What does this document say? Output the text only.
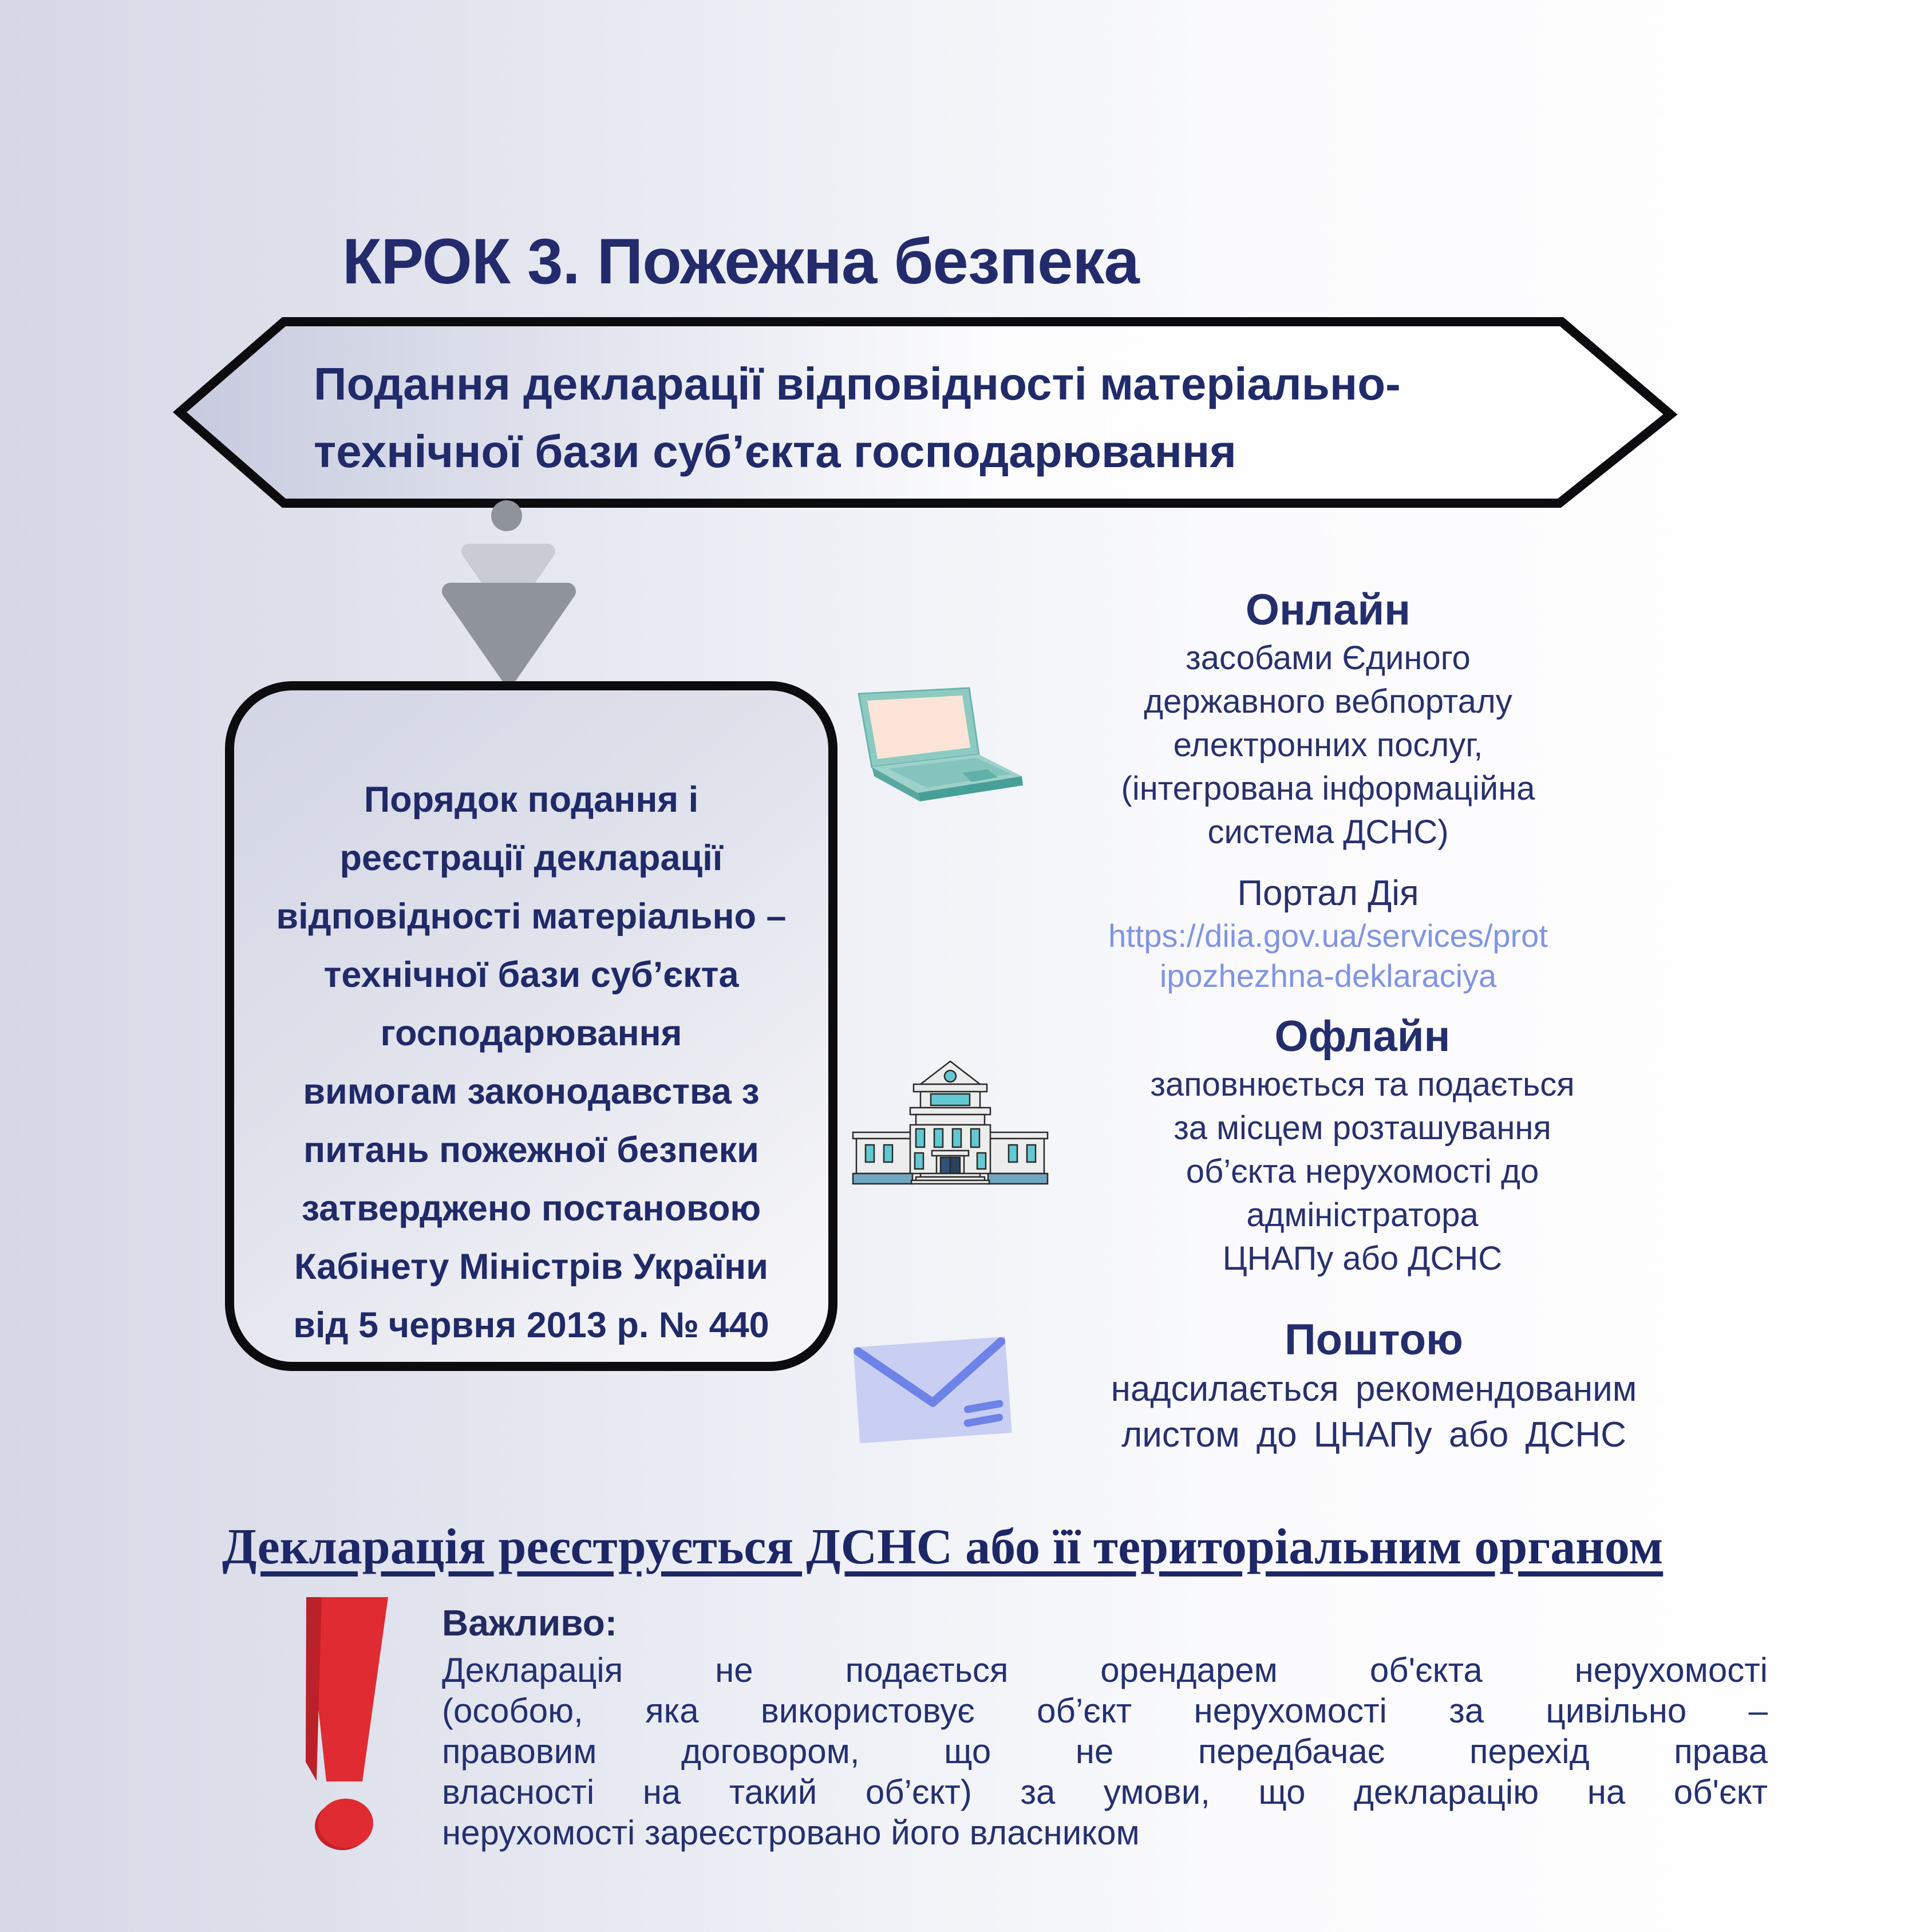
КРОК 3. Пожежна безпека
Подання декларації відповідності матеріально-
технічної бази суб’єкта господарювання
Порядок подання і
реєстрації декларації
відповідності матеріально –
технічної бази суб’єкта
господарювання
вимогам законодавства з
питань пожежної безпеки
затверджено постановою
Кабінету Міністрів України
від 5 червня 2013 р. № 440
Онлайн
засобами Єдиного
державного вебпорталу
електронних послуг,
(інтегрована інформаційна
система ДСНС)
Портал Дія
https://diia.gov.ua/services/prot
ipozhezhna-deklaraciya
Офлайн
заповнюється та подається
за місцем розташування
об’єкта нерухомості до
адміністратора
ЦНАПу або ДСНС
Поштою
надсилається рекомендованим
листом до ЦНАПу або ДСНС
Декларація реєструється ДСНС або її територіальним органом
Важливо:
Декларація не подається орендарем об'єкта нерухомості
(особою, яка використовує об’єкт нерухомості за цивільно –
правовим договором, що не передбачає перехід права
власності на такий об’єкт) за умови, що декларацію на об'єкт
нерухомості зареєстровано його власником
